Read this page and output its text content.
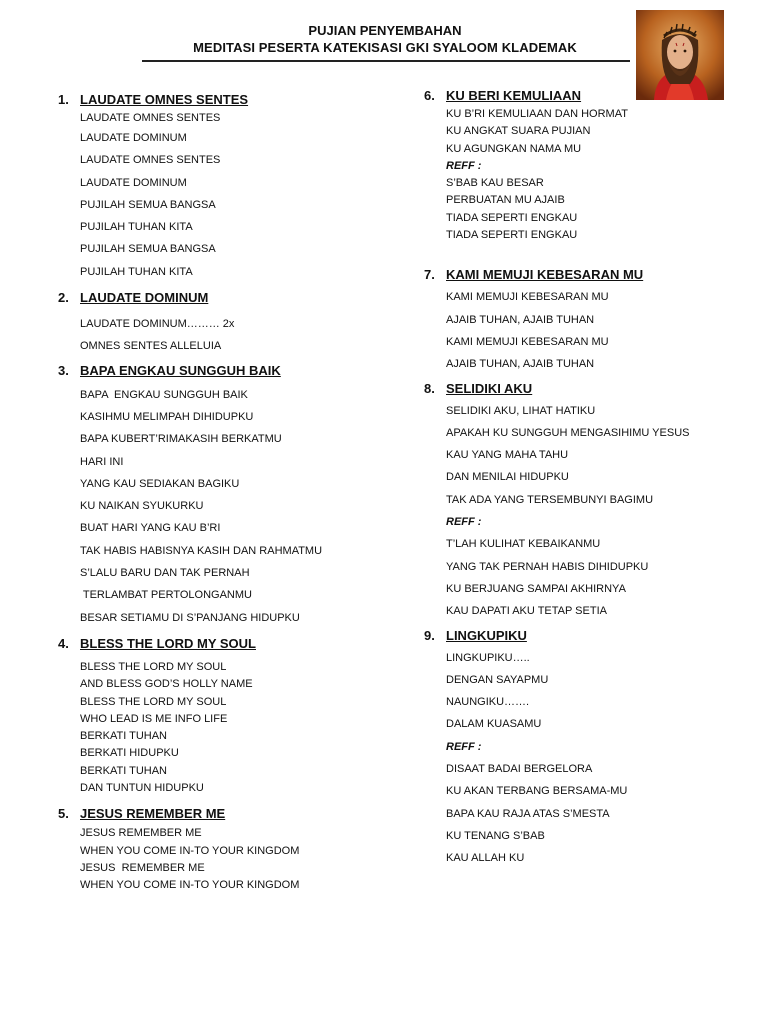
PUJIAN PENYEMBAHAN
MEDITASI PESERTA KATEKISASI GKI SYALOOM KLADEMAK
1. LAUDATE OMNES SENTES
LAUDATE OMNES SENTES
LAUDATE DOMINUM
LAUDATE OMNES SENTES
LAUDATE DOMINUM
PUJILAH SEMUA BANGSA
PUJILAH TUHAN KITA
PUJILAH SEMUA BANGSA
PUJILAH TUHAN KITA
2. LAUDATE DOMINUM
LAUDATE DOMINUM……… 2x
OMNES SENTES ALLELUIA
3. BAPA ENGKAU SUNGGUH BAIK
BAPA  ENGKAU SUNGGUH BAIK
KASIHMU MELIMPAH DIHIDUPKU
BAPA KUBERT’RIMAKASIH BERKATMU
HARI INI
YANG KAU SEDIAKAN BAGIKU
KU NAIKAN SYUKURKU
BUAT HARI YANG KAU B’RI
TAK HABIS HABISNYA KASIH DAN RAHMATMU
S’LALU BARU DAN TAK PERNAH
TERLAMBAT PERTOLONGANMU
BESAR SETIAMU DI S’PANJANG HIDUPKU
4. BLESS THE LORD MY SOUL
BLESS THE LORD MY SOUL
AND BLESS GOD’S HOLLY NAME
BLESS THE LORD MY SOUL
WHO LEAD IS ME INFO LIFE
BERKATI TUHAN
BERKATI HIDUPKU
BERKATI TUHAN
DAN TUNTUN HIDUPKU
5. JESUS REMEMBER ME
JESUS REMEMBER ME
WHEN YOU COME IN-TO YOUR KINGDOM
JESUS  REMEMBER ME
WHEN YOU COME IN-TO YOUR KINGDOM
6. KU BERI KEMULIAAN
KU B’RI KEMULIAAN DAN HORMAT
KU ANGKAT SUARA PUJIAN
KU AGUNGKAN NAMA MU
REFF :
S’BAB KAU BESAR
PERBUATAN MU AJAIB
TIADA SEPERTI ENGKAU
TIADA SEPERTI ENGKAU
7. KAMI MEMUJI KEBESARAN MU
KAMI MEMUJI KEBESARAN MU
AJAIB TUHAN, AJAIB TUHAN
KAMI MEMUJI KEBESARAN MU
AJAIB TUHAN, AJAIB TUHAN
8. SELIDIKI AKU
SELIDIKI AKU, LIHAT HATIKU
APAKAH KU SUNGGUH MENGASIHIMU YESUS
KAU YANG MAHA TAHU
DAN MENILAI HIDUPKU
TAK ADA YANG TERSEMBUNYI BAGIMU
REFF :
T’LAH KULIHAT KEBAIKANMU
YANG TAK PERNAH HABIS DIHIDUPKU
KU BERJUANG SAMPAI AKHIRNYA
KAU DAPATI AKU TETAP SETIA
9. LINGKUPIKU
LINGKUPIKU…..
DENGAN SAYAPMU
NAUNGIKU…….
DALAM KUASAMU
REFF :
DISAAT BADAI BERGELORA
KU AKAN TERBANG BERSAMA-MU
BAPA KAU RAJA ATAS S’MESTA
KU TENANG S’BAB
KAU ALLAH KU
